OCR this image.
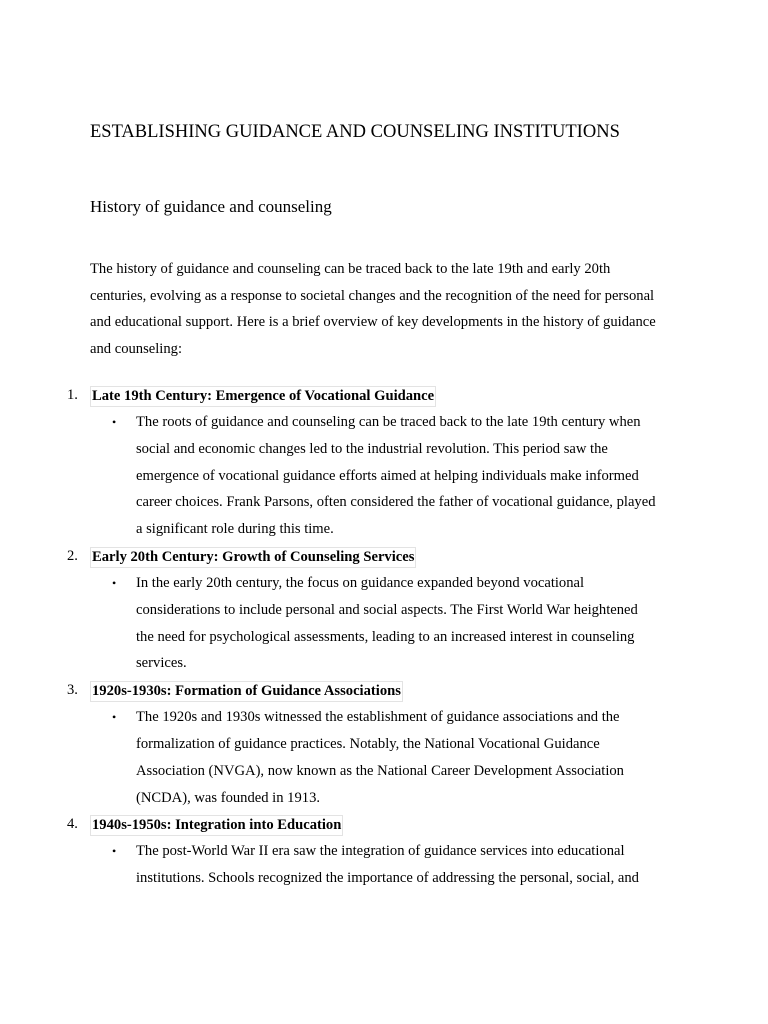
ESTABLISHING GUIDANCE AND COUNSELING INSTITUTIONS
History of guidance and counseling

The history of guidance and counseling can be traced back to the late 19th and early 20th
centuries, evolving as a response to societal changes and the recognition of the need for personal
and educational support. Here is a brief overview of key developments in the history of guidance
and counseling:

1. Late 19th Century: Emergence of Vocational Guidance
• The roots of guidance and counseling can be traced back to the late 19th century when
social and economic changes led to the industrial revolution. This period saw the
emergence of vocational guidance efforts aimed at helping individuals make informed
career choices. Frank Parsons, often considered the father of vocational guidance, played
a significant role during this time.
2. Early 20th Century: Growth of Counseling Services
• In the early 20th century, the focus on guidance expanded beyond vocational
considerations to include personal and social aspects. The First World War heightened
the need for psychological assessments, leading to an increased interest in counseling
services.
3. 1920s-1930s: Formation of Guidance Associations
• The 1920s and 1930s witnessed the establishment of guidance associations and the
formalization of guidance practices. Notably, the National Vocational Guidance
Association (NVGA), now known as the National Career Development Association
(NCDA), was founded in 1913.
4. 1940s-1950s: Integration into Education
• The post-World War II era saw the integration of guidance services into educational
institutions. Schools recognized the importance of addressing the personal, social, and
